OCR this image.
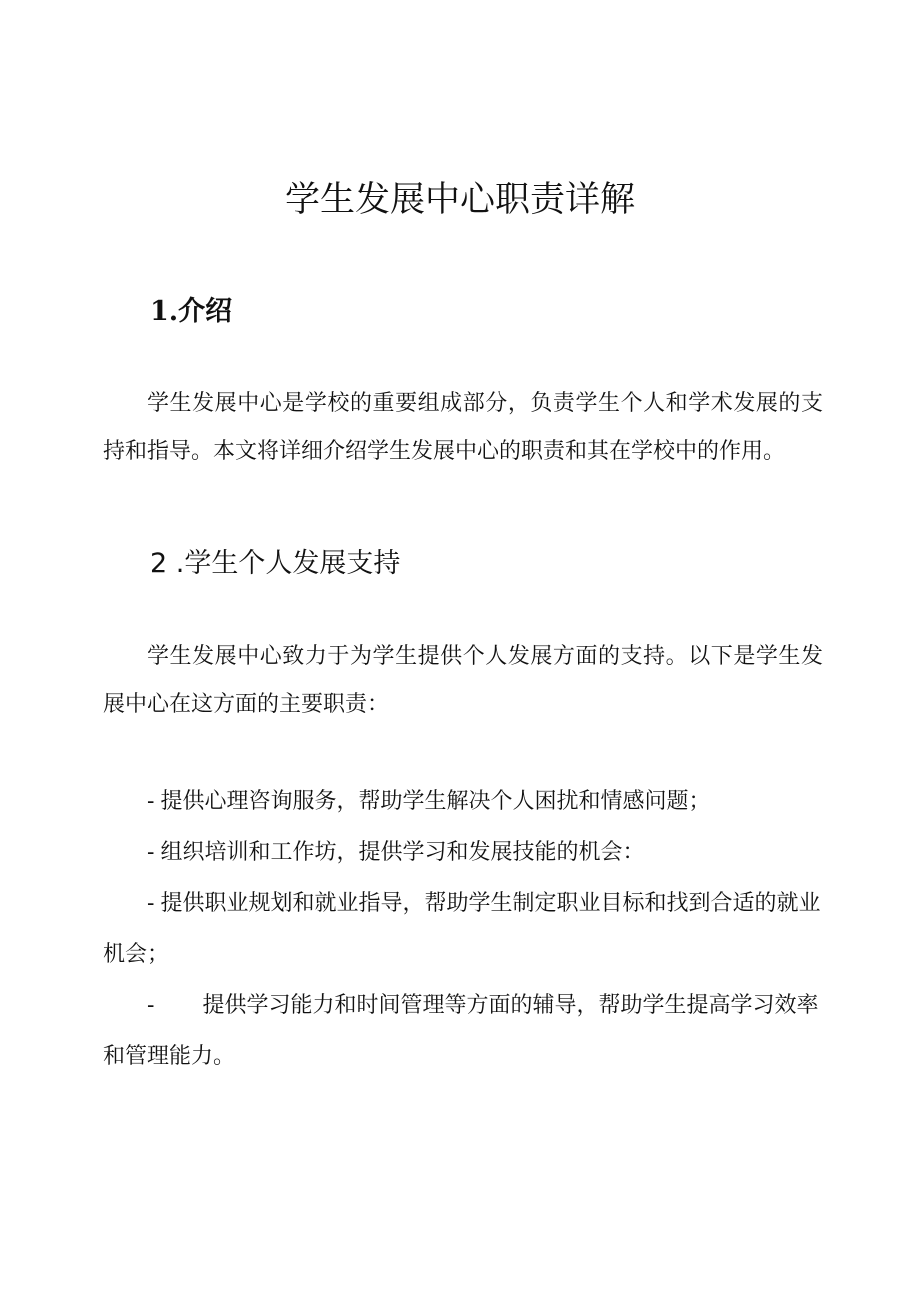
学生发展中心职责详解
1.介绍

学生发展中心是学校的重要组成部分，负责学生个人和学术发展的支持和指导。本文将详细介绍学生发展中心的职责和其在学校中的作用。

2 .学生个人发展支持

学生发展中心致力于为学生提供个人发展方面的支持。以下是学生发展中心在这方面的主要职责：

- 提供心理咨询服务，帮助学生解决个人困扰和情感问题；
- 组织培训和工作坊，提供学习和发展技能的机会：
- 提供职业规划和就业指导，帮助学生制定职业目标和找到合适的就业机会；
- 提供学习能力和时间管理等方面的辅导，帮助学生提高学习效率和管理能力。
